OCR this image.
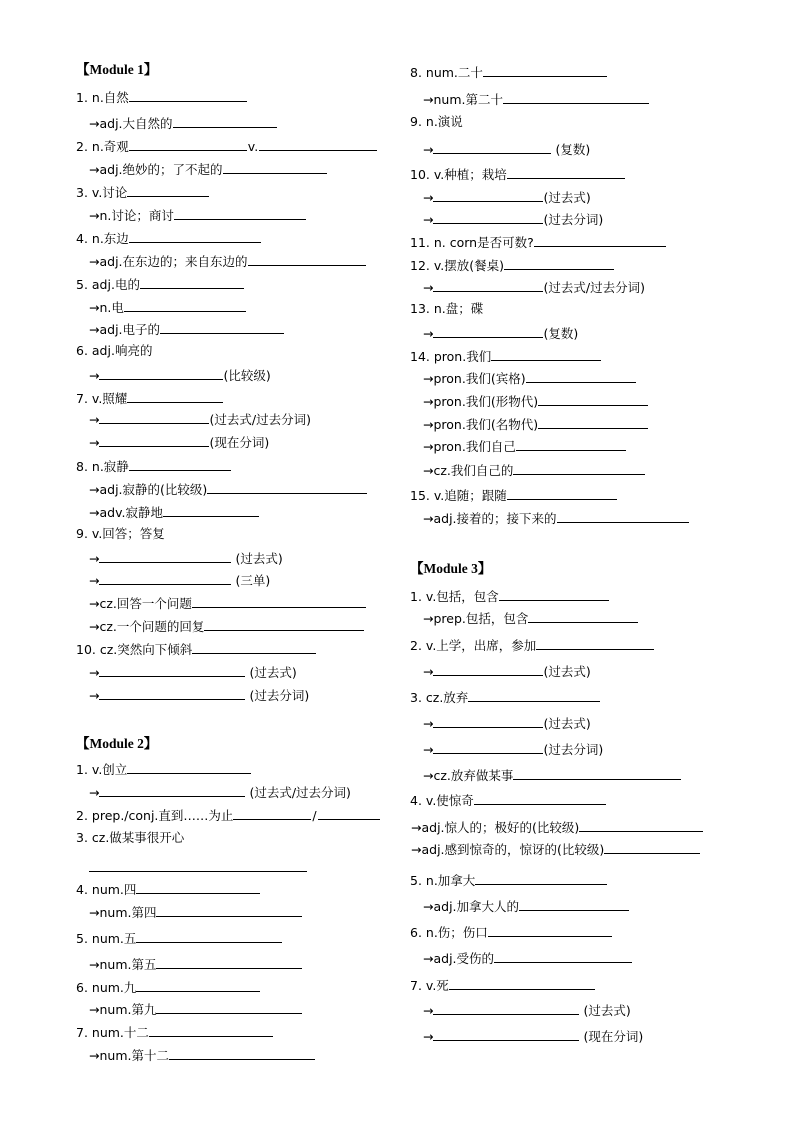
【Module 1】
1. n.自然
→adj.大自然的
2. n.奇观	v.
→adj.绝妙的；了不起的
3. v.讨论
→n.讨论；商讨
4. n.东边
→adj.在东边的；来自东边的
5. adj.电的
→n.电
→adj.电子的
6. adj.响亮的
→	(比较级)
7. v.照耀
→	(过去式/过去分词)
→	(现在分词)
8. n.寂静
→adj.寂静的(比较级)
→adv.寂静地
9. v.回答；答复
→	(过去式)
→	(三单)
→cz.回答一个问题
→cz.一个问题的回复
10. cz.突然向下倾斜
→	(过去式)
→	(过去分词)
【Module 2】
1. v.创立
→	(过去式/过去分词)
2. prep./conj.直到……为止	/
3. cz.做某事很开心
4. num.四
→num.第四
5. num.五
→num.第五
6. num.九
→num.第九
7. num.十二
→num.第十二
8. num.二十
→num.第二十
9. n.演说
→	(复数)
10. v.种植；栽培
→	(过去式)
→	(过去分词)
11. n. corn是否可数?
12. v.摆放(餐桌)
→	(过去式/过去分词)
13. n.盘；碟
→	(复数)
14. pron.我们
→pron.我们(宾格)
→pron.我们(形物代)
→pron.我们(名物代)
→pron.我们自己
→cz.我们自己的
15. v.追随；跟随
→adj.接着的；接下来的
【Module 3】
1. v.包括，包含
→prep.包括，包含
2. v.上学，出席，参加
→	(过去式)
3. cz.放弃
→	(过去式)
→	(过去分词)
→cz.放弃做某事
4. v.使惊奇
→adj.惊人的；极好的(比较级)
→adj.感到惊奇的，惊讶的(比较级)
5. n.加拿大
→adj.加拿大人的
6. n.伤；伤口
→adj.受伤的
7. v.死
→	(过去式)
→	(现在分词)
